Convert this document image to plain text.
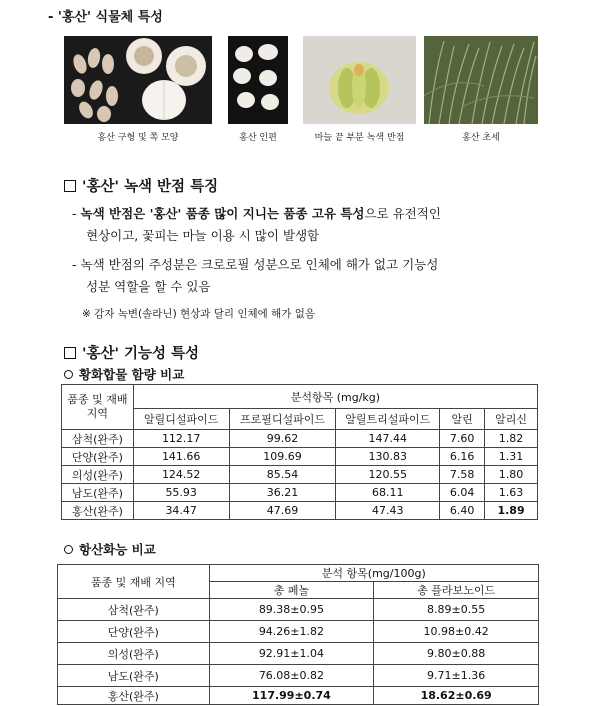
- '홍산' 식물체 특성
홍산 구형 및 쪽 모양	홍산 인편	마늘 끝 부분 녹색 반점	홍산 초세
'홍산' 녹색 반점 특징
- 녹색 반점은 '홍산' 품종 많이 지니는 품종 고유 특성으로 유전적인
현상이고, 꽃피는 마늘 이용 시 많이 발생함
- 녹색 반점의 주성분은 크로로필 성분으로 인체에 해가 없고 기능성
성분 역할을 할 수 있음
※ 감자 녹변(솔라닌) 현상과 달리 인체에 해가 없음
'홍산' 기능성 특성
황화합물 함량 비교
품종 및 재배 지역	분석항목 (mg/kg)				
	알릴디설파이드	프로필디설파이드	알릴트리설파이드	알린	알리신
삼척(완주)	112.17	99.62	147.44	7.60	1.82
단양(완주)	141.66	109.69	130.83	6.16	1.31
의성(완주)	124.52	85.54	120.55	7.58	1.80
남도(완주)	55.93	36.21	68.11	6.04	1.63
홍산(완주)	34.47	47.69	47.43	6.40	1.89
항산화능 비교
품종 및 재배 지역	분석 항목(mg/100g)	
	총 페놀	총 플라보노이드
삼척(완주)	89.38±0.95	8.89±0.55
단양(완주)	94.26±1.82	10.98±0.42
의성(완주)	92.91±1.04	9.80±0.88
남도(완주)	76.08±0.82	9.71±1.36
홍산(완주)	117.99±0.74	18.62±0.69
